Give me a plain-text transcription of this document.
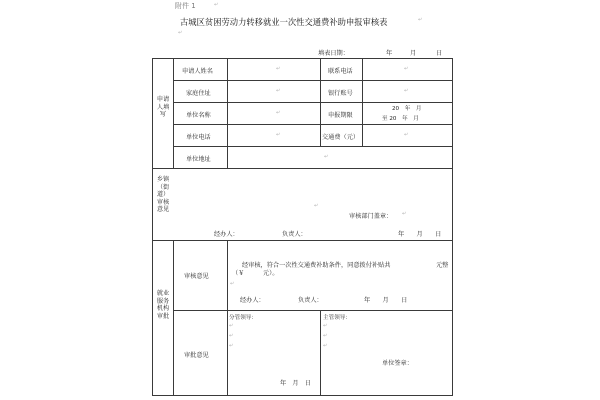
附件 1	↵
古城区贫困劳动力转移就业一次性交通费补助申报审核表	↵
↵
填表日期：	年	月	日
申请人填写
申请人姓名	↵	联系电话	↵
家庭住址	↵	银行账号	↵
单位名称	↵	申报期限
20　年　月
至 20　年　月
单位电话	↵	交通费（元）	↵
单位地址	↵
乡镇（街道）审核意见
↵
审核部门盖章： ↵
经办人：	负责人：	年　　月　　日
就业服务机构审批
审核意见
经审核，符合一次性交通费补助条件，同意拨付补贴共	元整
（￥　　　元）。
↵
经办人：	负责人：	年　　月　　日
审批意见
分管领导：	主管领导：
↵
↵
↵
↵
↵
↵
单位签章：
年　月　日
